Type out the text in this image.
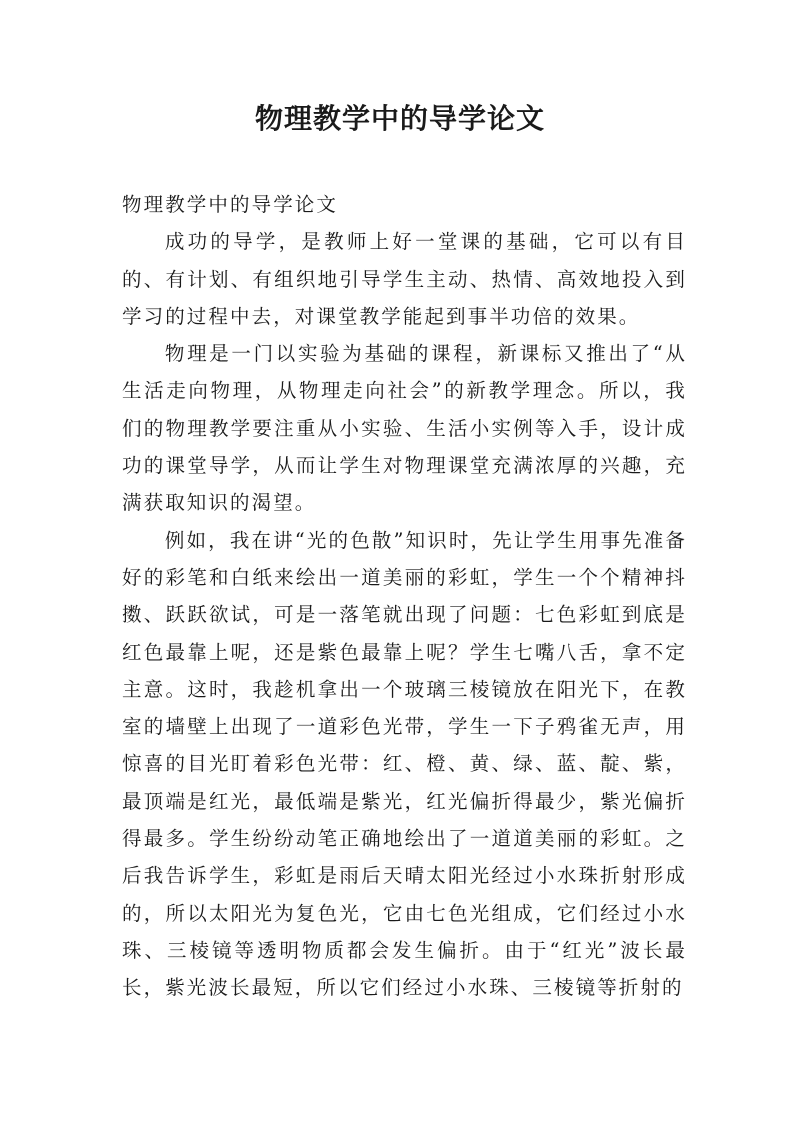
物理教学中的导学论文

物理教学中的导学论文

成功的导学，是教师上好一堂课的基础，它可以有目的、有计划、有组织地引导学生主动、热情、高效地投入到学习的过程中去，对课堂教学能起到事半功倍的效果。

物理是一门以实验为基础的课程，新课标又推出了“从生活走向物理，从物理走向社会”的新教学理念。所以，我们的物理教学要注重从小实验、生活小实例等入手，设计成功的课堂导学，从而让学生对物理课堂充满浓厚的兴趣，充满获取知识的渴望。

例如，我在讲“光的色散”知识时，先让学生用事先准备好的彩笔和白纸来绘出一道美丽的彩虹，学生一个个精神抖擞、跃跃欲试，可是一落笔就出现了问题：七色彩虹到底是红色最靠上呢，还是紫色最靠上呢？学生七嘴八舌，拿不定主意。这时，我趁机拿出一个玻璃三棱镜放在阳光下，在教室的墙壁上出现了一道彩色光带，学生一下子鸦雀无声，用惊喜的目光盯着彩色光带：红、橙、黄、绿、蓝、靛、紫，最顶端是红光，最低端是紫光，红光偏折得最少，紫光偏折得最多。学生纷纷动笔正确地绘出了一道道美丽的彩虹。之后我告诉学生，彩虹是雨后天晴太阳光经过小水珠折射形成的，所以太阳光为复色光，它由七色光组成，它们经过小水珠、三棱镜等透明物质都会发生偏折。由于“红光”波长最长，紫光波长最短，所以它们经过小水珠、三棱镜等折射的
